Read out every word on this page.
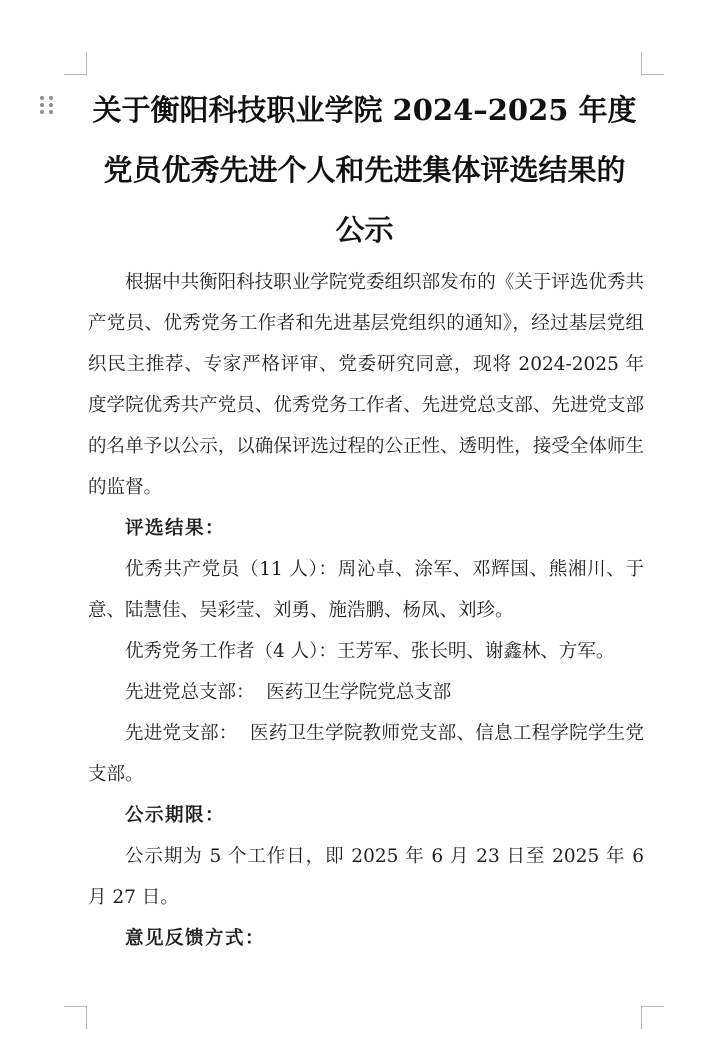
关于衡阳科技职业学院 2024–2025 年度
党员优秀先进个人和先进集体评选结果的
公示

根据中共衡阳科技职业学院党委组织部发布的《关于评选优秀共产党员、优秀党务工作者和先进基层党组织的通知》，经过基层党组织民主推荐、专家严格评审、党委研究同意，现将 2024-2025 年度学院优秀共产党员、优秀党务工作者、先进党总支部、先进党支部的名单予以公示，以确保评选过程的公正性、透明性，接受全体师生的监督。

评选结果：

优秀共产党员（11 人）：周沁卓、涂军、邓辉国、熊湘川、于意、陆慧佳、吴彩莹、刘勇、施浩鹏、杨凤、刘珍。

优秀党务工作者（4 人）：王芳军、张长明、谢鑫林、方军。

先进党总支部： 医药卫生学院党总支部

先进党支部： 医药卫生学院教师党支部、信息工程学院学生党支部。

公示期限：

公示期为 5 个工作日，即 2025 年 6 月 23 日至 2025 年 6 月 27 日。

意见反馈方式：
